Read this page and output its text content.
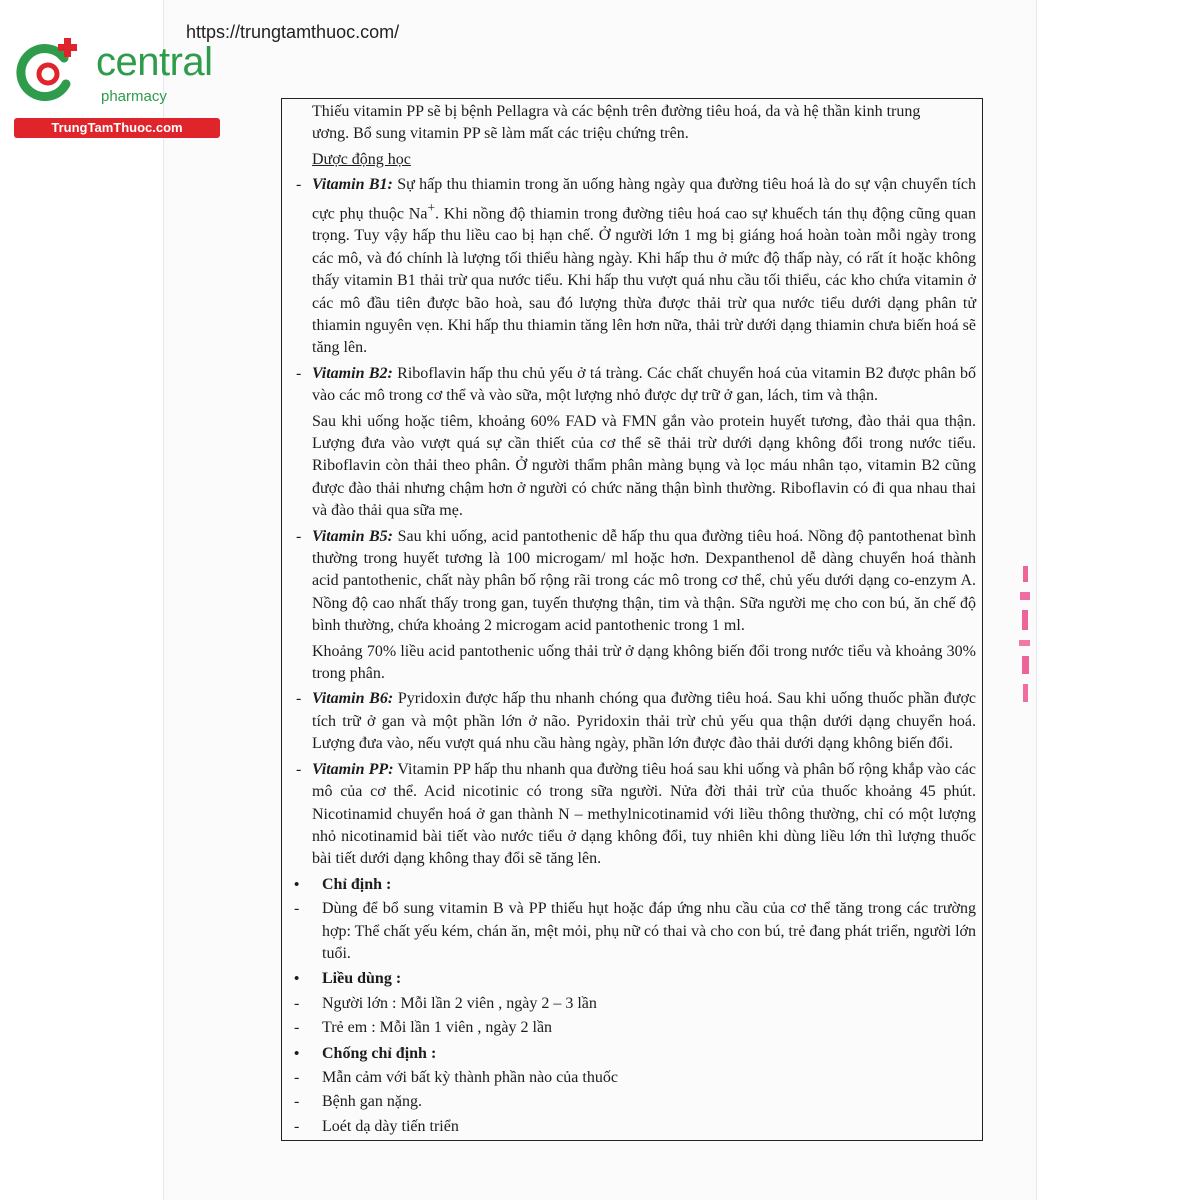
https://trungtamthuoc.com/
central
pharmacy
TrungTamThuoc.com

Thiếu vitamin PP sẽ bị bệnh Pellagra và các bệnh trên đường tiêu hoá, da và hệ thần kinh trung

ương. Bổ sung vitamin PP sẽ làm mất các triệu chứng trên.

Dược động học

- Vitamin B1: Sự hấp thu thiamin trong ăn uống hàng ngày qua đường tiêu hoá là do sự vận chuyển tích cực phụ thuộc Na+. Khi nồng độ thiamin trong đường tiêu hoá cao sự khuếch tán thụ động cũng quan trọng. Tuy vậy hấp thu liều cao bị hạn chế. Ở người lớn 1 mg bị giáng hoá hoàn toàn mỗi ngày trong các mô, và đó chính là lượng tối thiểu hàng ngày. Khi hấp thu ở mức độ thấp này, có rất ít hoặc không thấy vitamin B1 thải trừ qua nước tiểu. Khi hấp thu vượt quá nhu cầu tối thiểu, các kho chứa vitamin ở các mô đầu tiên được bão hoà, sau đó lượng thừa được thải trừ qua nước tiểu dưới dạng phân tử thiamin nguyên vẹn. Khi hấp thu thiamin tăng lên hơn nữa, thải trừ dưới dạng thiamin chưa biến hoá sẽ tăng lên.

- Vitamin B2: Riboflavin hấp thu chủ yếu ở tá tràng. Các chất chuyển hoá của vitamin B2 được phân bố vào các mô trong cơ thể và vào sữa, một lượng nhỏ được dự trữ ở gan, lách, tim và thận.

Sau khi uống hoặc tiêm, khoảng 60% FAD và FMN gắn vào protein huyết tương, đào thải qua thận. Lượng đưa vào vượt quá sự cần thiết của cơ thể sẽ thải trừ dưới dạng không đổi trong nước tiểu. Riboflavin còn thải theo phân. Ở người thẩm phân màng bụng và lọc máu nhân tạo, vitamin B2 cũng được đào thải nhưng chậm hơn ở người có chức năng thận bình thường. Riboflavin có đi qua nhau thai và đào thải qua sữa mẹ.

- Vitamin B5: Sau khi uống, acid pantothenic dễ hấp thu qua đường tiêu hoá. Nồng độ pantothenat bình thường trong huyết tương là 100 microgam/ ml hoặc hơn. Dexpanthenol dễ dàng chuyển hoá thành acid pantothenic, chất này phân bố rộng rãi trong các mô trong cơ thể, chủ yếu dưới dạng co-enzym A. Nồng độ cao nhất thấy trong gan, tuyến thượng thận, tim và thận. Sữa người mẹ cho con bú, ăn chế độ bình thường, chứa khoảng 2 microgam acid pantothenic trong 1 ml.

Khoảng 70% liều acid pantothenic uống thải trừ ở dạng không biến đổi trong nước tiểu và khoảng 30% trong phân.

- Vitamin B6: Pyridoxin được hấp thu nhanh chóng qua đường tiêu hoá. Sau khi uống thuốc phần được tích trữ ở gan và một phần lớn ở não. Pyridoxin thải trừ chủ yếu qua thận dưới dạng chuyển hoá. Lượng đưa vào, nếu vượt quá nhu cầu hàng ngày, phần lớn được đào thải dưới dạng không biến đổi.

- Vitamin PP: Vitamin PP hấp thu nhanh qua đường tiêu hoá sau khi uống và phân bố rộng khắp vào các mô của cơ thể. Acid nicotinic có trong sữa người. Nửa đời thải trừ của thuốc khoảng 45 phút. Nicotinamid chuyển hoá ở gan thành N – methylnicotinamid với liều thông thường, chỉ có một lượng nhỏ nicotinamid bài tiết vào nước tiểu ở dạng không đổi, tuy nhiên khi dùng liều lớn thì lượng thuốc bài tiết dưới dạng không thay đổi sẽ tăng lên.

• Chỉ định :

- Dùng để bổ sung vitamin B và PP thiếu hụt hoặc đáp ứng nhu cầu của cơ thể tăng trong các trường hợp: Thể chất yếu kém, chán ăn, mệt mỏi, phụ nữ có thai và cho con bú, trẻ đang phát triển, người lớn tuổi.

• Liều dùng :

- Người lớn : Mỗi lần 2 viên , ngày 2 – 3 lần

- Trẻ em : Mỗi lần 1 viên , ngày 2 lần

• Chống chỉ định :

- Mẫn cảm với bất kỳ thành phần nào của thuốc

- Bệnh gan nặng.

- Loét dạ dày tiến triển
